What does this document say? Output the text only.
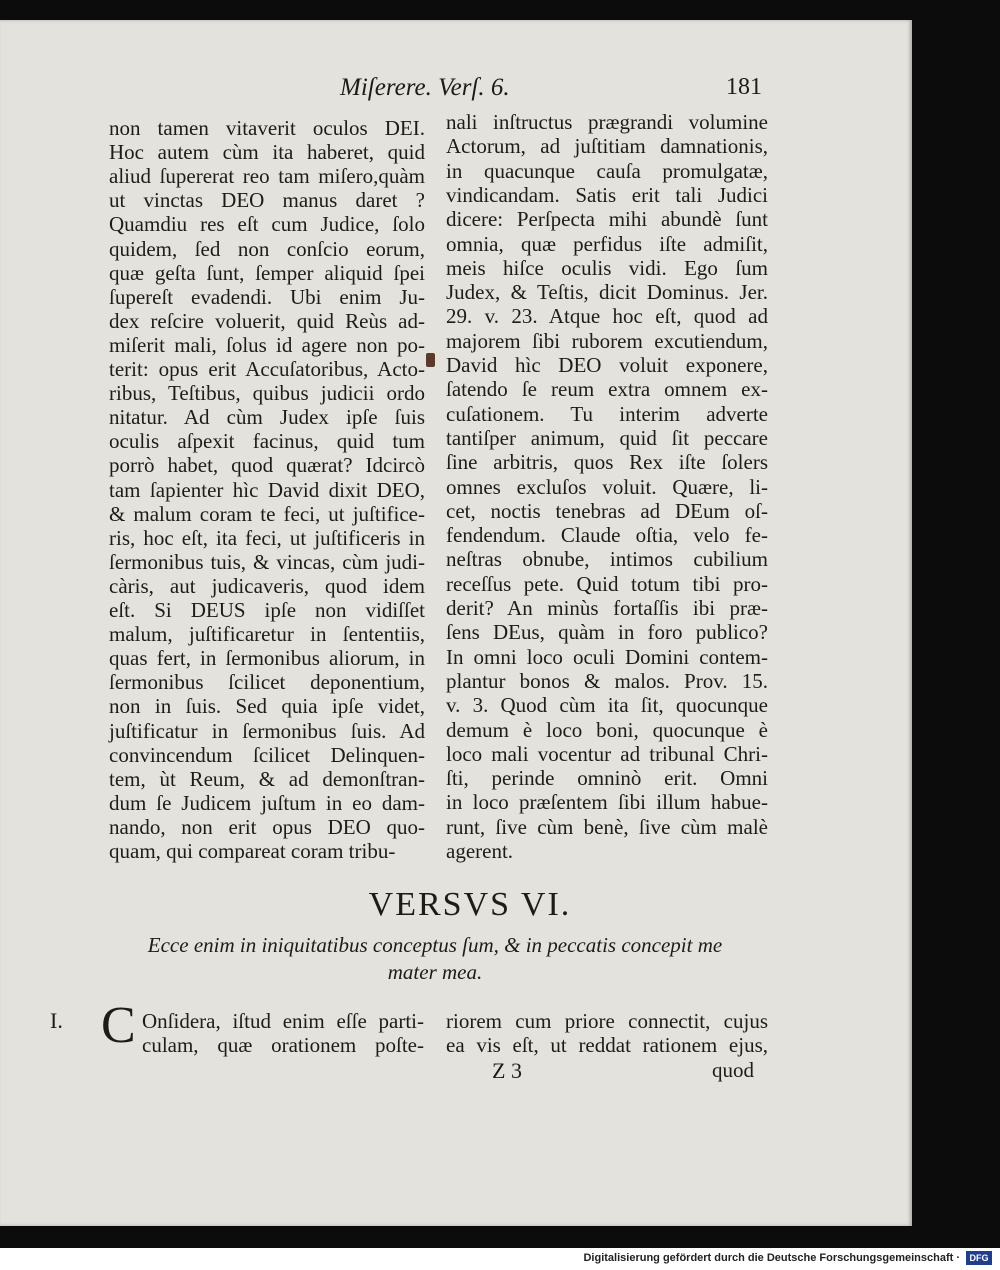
Miſerere. Verſ. 6.	181
non tamen vitaverit oculos DEI.
Hoc autem cùm ita haberet, quid
aliud ſupererat reo tam miſero,quàm
ut vinctas DEO manus daret ?
Quamdiu res eſt cum Judice, ſolo
quidem, ſed non conſcio eorum,
quæ geſta ſunt, ſemper aliquid ſpei
ſupereſt evadendi. Ubi enim Ju-
dex reſcire voluerit, quid Reùs ad-
miſerit mali, ſolus id agere non po-
terit: opus erit Accuſatoribus, Acto-
ribus, Teſtibus, quibus judicii ordo
nitatur. Ad cùm Judex ipſe ſuis
oculis aſpexit facinus, quid tum
porrò habet, quod quærat? Idcircò
tam ſapienter hìc David dixit DEO,
& malum coram te feci, ut juſtifice-
ris, hoc eſt, ita feci, ut juſtificeris in
ſermonibus tuis, & vincas, cùm judi-
càris, aut judicaveris, quod idem
eſt. Si DEUS ipſe non vidiſſet
malum, juſtificaretur in ſententiis,
quas fert, in ſermonibus aliorum, in
ſermonibus ſcilicet deponentium,
non in ſuis. Sed quia ipſe videt,
juſtificatur in ſermonibus ſuis. Ad
convincendum ſcilicet Delinquen-
tem, ùt Reum, & ad demonſtran-
dum ſe Judicem juſtum in eo dam-
nando, non erit opus DEO quo-
quam, qui compareat coram tribu-
nali inſtructus prægrandi volumine
Actorum, ad juſtitiam damnationis,
in quacunque cauſa promulgatæ,
vindicandam. Satis erit tali Judici
dicere: Perſpecta mihi abundè ſunt
omnia, quæ perfidus iſte admiſit,
meis hiſce oculis vidi. Ego ſum
Judex, & Teſtis, dicit Dominus. Jer.
29. v. 23. Atque hoc eſt, quod ad
majorem ſibi ruborem excutiendum,
David hìc DEO voluit exponere,
ſatendo ſe reum extra omnem ex-
cuſationem. Tu interim adverte
tantiſper animum, quid ſit peccare
ſine arbitris, quos Rex iſte ſolers
omnes excluſos voluit. Quære, li-
cet, noctis tenebras ad DEum oſ-
fendendum. Claude oſtia, velo fe-
neſtras obnube, intimos cubilium
receſſus pete. Quid totum tibi pro-
derit? An minùs fortaſſis ibi præ-
ſens DEus, quàm in foro publico?
In omni loco oculi Domini contem-
plantur bonos & malos. Prov. 15.
v. 3. Quod cùm ita ſit, quocunque
demum è loco boni, quocunque è
loco mali vocentur ad tribunal Chri-
ſti, perinde omninò erit. Omni
in loco præſentem ſibi illum habue-
runt, ſive cùm benè, ſive cùm malè
agerent.
VERSVS VI.
Ecce enim in iniquitatibus conceptus ſum, & in peccatis concepit me
mater mea.
I. C Onſidera, iſtud enim eſſe parti-
culam, quæ orationem poſte-
riorem cum priore connectit, cujus
ea vis eſt, ut reddat rationem ejus,
Z 3	quod
Digitalisierung gefördert durch die Deutsche Forschungsgemeinschaft ·	DFG
